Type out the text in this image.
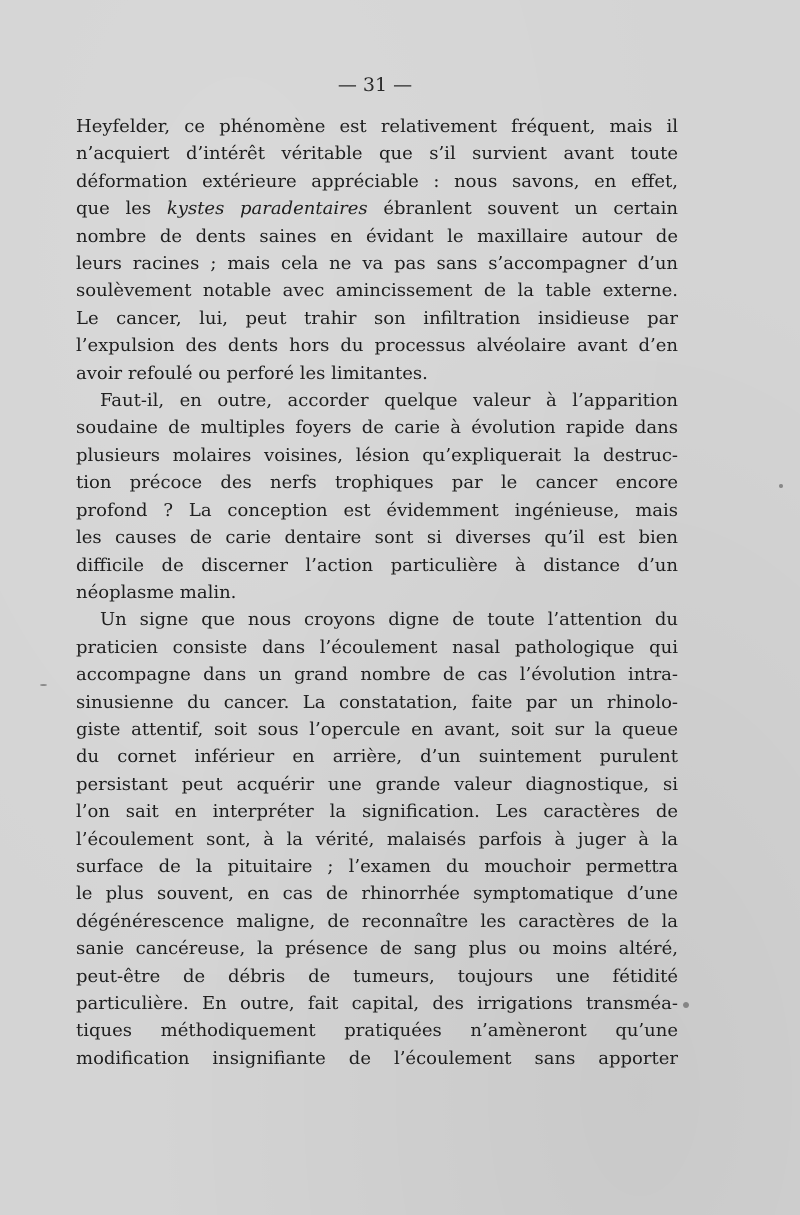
— 31 —

Heyfelder, ce phénomène est relativement fréquent, mais il
n’acquiert d’intérêt véritable que s’il survient avant toute
déformation extérieure appréciable : nous savons, en effet,
que les kystes paradentaires ébranlent souvent un certain
nombre de dents saines en évidant le maxillaire autour de
leurs racines ; mais cela ne va pas sans s’accompagner d’un
soulèvement notable avec amincissement de la table externe.
Le cancer, lui, peut trahir son infiltration insidieuse par
l’expulsion des dents hors du processus alvéolaire avant d’en
avoir refoulé ou perforé les limitantes.

Faut-il, en outre, accorder quelque valeur à l’apparition
soudaine de multiples foyers de carie à évolution rapide dans
plusieurs molaires voisines, lésion qu’expliquerait la destruc-
tion précoce des nerfs trophiques par le cancer encore
profond ? La conception est évidemment ingénieuse, mais
les causes de carie dentaire sont si diverses qu’il est bien
difficile de discerner l’action particulière à distance d’un
néoplasme malin.

Un signe que nous croyons digne de toute l’attention du
praticien consiste dans l’écoulement nasal pathologique qui
accompagne dans un grand nombre de cas l’évolution intra-
sinusienne du cancer. La constatation, faite par un rhinolo-
giste attentif, soit sous l’opercule en avant, soit sur la queue
du cornet inférieur en arrière, d’un suintement purulent
persistant peut acquérir une grande valeur diagnostique, si
l’on sait en interpréter la signification. Les caractères de
l’écoulement sont, à la vérité, malaisés parfois à juger à la
surface de la pituitaire ; l’examen du mouchoir permettra
le plus souvent, en cas de rhinorrhée symptomatique d’une
dégénérescence maligne, de reconnaître les caractères de la
sanie cancéreuse, la présence de sang plus ou moins altéré,
peut-être de débris de tumeurs, toujours une fétidité
particulière. En outre, fait capital, des irrigations transméa-
tiques méthodiquement pratiquées n’amèneront qu’une
modification insignifiante de l’écoulement sans apporter
